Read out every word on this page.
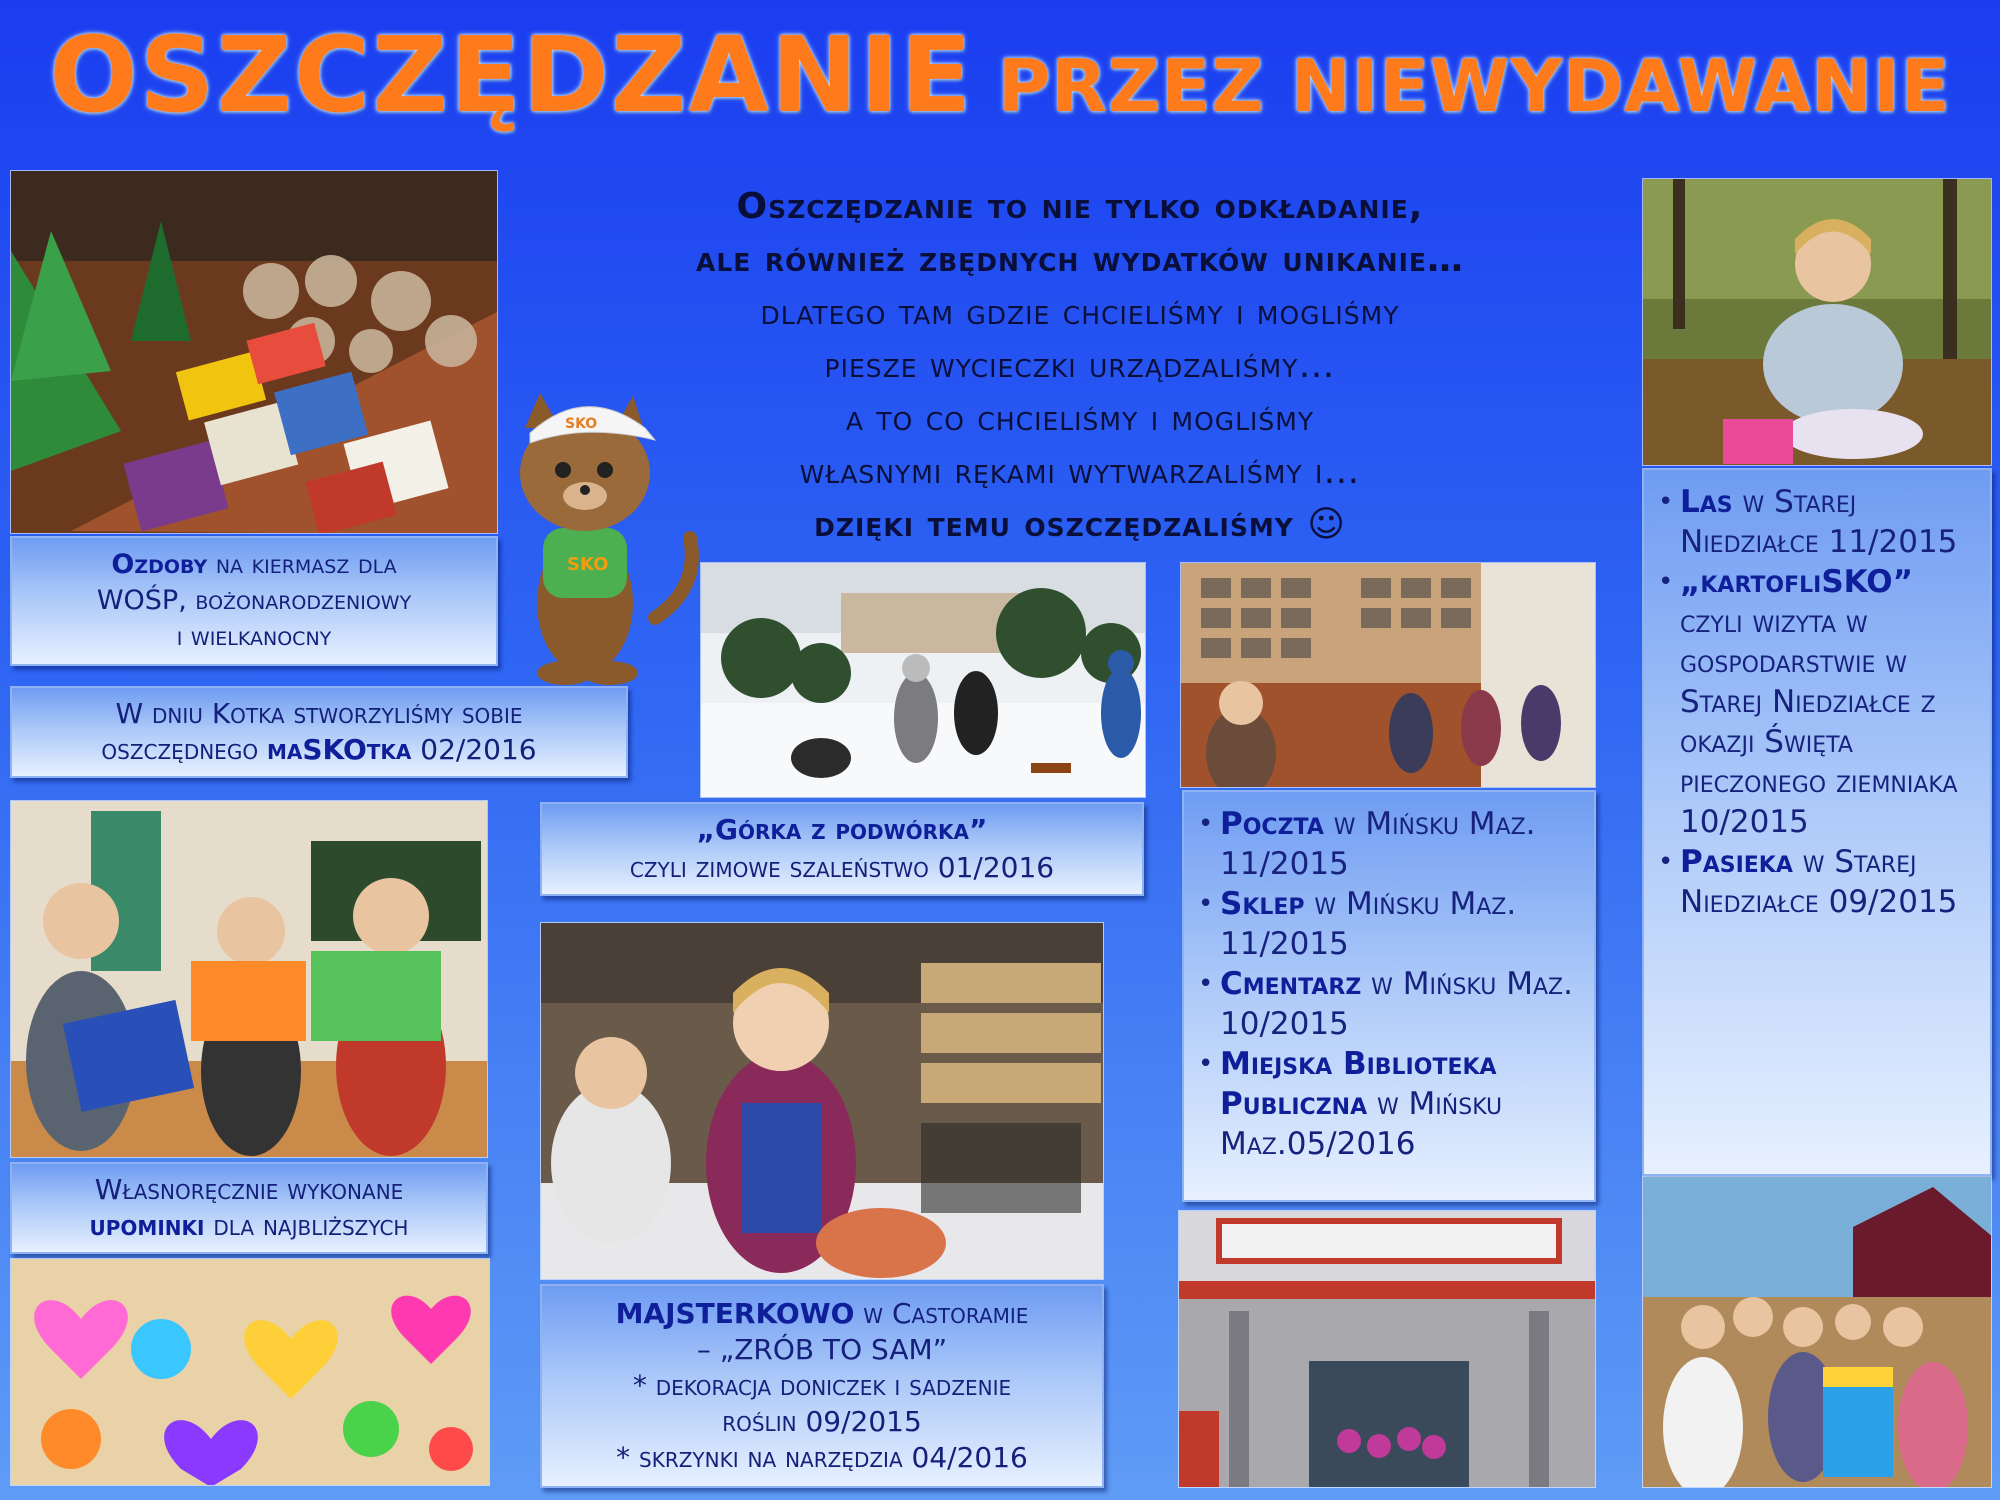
OSZCZĘDZANIE PRZEZ NIEWYDAWANIE
Ozdoby na kiermasz dla
WOŚP, bożonarodzeniowy
i wielkanocny
W dniu Kotka stworzyliśmy sobie
oszczędnego maSKOtka 02/2016
Oszczędzanie to nie tylko odkładanie,
ale również zbędnych wydatków unikanie…
dlatego tam gdzie chcieliśmy i mogliśmy
piesze wycieczki urządzaliśmy…
a to co chcieliśmy i mogliśmy
własnymi rękami wytwarzaliśmy i…
dzięki temu oszczędzaliśmy ☺
SKO
SKO
„Górka z podwórka”
czyli zimowe szaleństwo 01/2016
• Poczta w Mińsku Maz. 11/2015
• Sklep w Mińsku Maz. 11/2015
• Cmentarz w Mińsku Maz. 10/2015
• Miejska Biblioteka Publiczna w Mińsku Maz.05/2016
• Las w Starej Niedziałce 11/2015
• „kartofliSKO” czyli wizyta w gospodarstwie w Starej Niedziałce z okazji Święta pieczonego ziemniaka 10/2015
• Pasieka w Starej Niedziałce 09/2015
Własnoręcznie wykonane
upominki dla najbliższych
MAJSTERKOWO w Castoramie
– „ZRÓB TO SAM”
* dekoracja doniczek i sadzenie
roślin 09/2015
* skrzynki na narzędzia 04/2016
